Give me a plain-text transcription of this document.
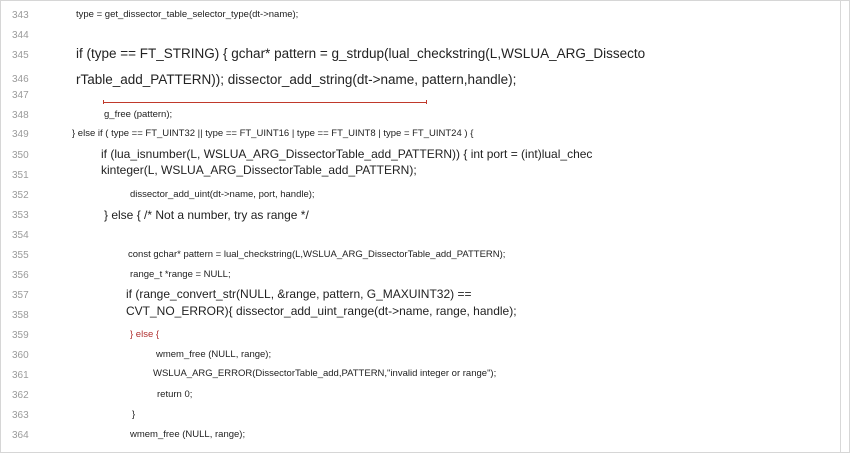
343
344
345
346
347
348
349
350
351
352
353
354
355
356
357
358
359
360
361
362
363
364
type = get_dissector_table_selector_type(dt->name);
if (type == FT_STRING) { gchar* pattern = g_strdup(lual_checkstring(L,WSLUA_ARG_Dissecto
rTable_add_PATTERN)); dissector_add_string(dt->name, pattern,handle);
g_free (pattern);
} else if ( type == FT_UINT32 || type == FT_UINT16 | type == FT_UINT8 | type = FT_UINT24 ) {
if (lua_isnumber(L, WSLUA_ARG_DissectorTable_add_PATTERN)) { int port = (int)lual_chec
kinteger(L, WSLUA_ARG_DissectorTable_add_PATTERN);
dissector_add_uint(dt->name, port, handle);
} else { /* Not a number, try as range */
const gchar* pattern = lual_checkstring(L,WSLUA_ARG_DissectorTable_add_PATTERN);
range_t *range = NULL;
if (range_convert_str(NULL, &range, pattern, G_MAXUINT32) ==
CVT_NO_ERROR){ dissector_add_uint_range(dt->name, range, handle);
} else {
wmem_free (NULL, range);
WSLUA_ARG_ERROR(DissectorTable_add,PATTERN,"invalid integer or range");
return 0;
}
wmem_free (NULL, range);
